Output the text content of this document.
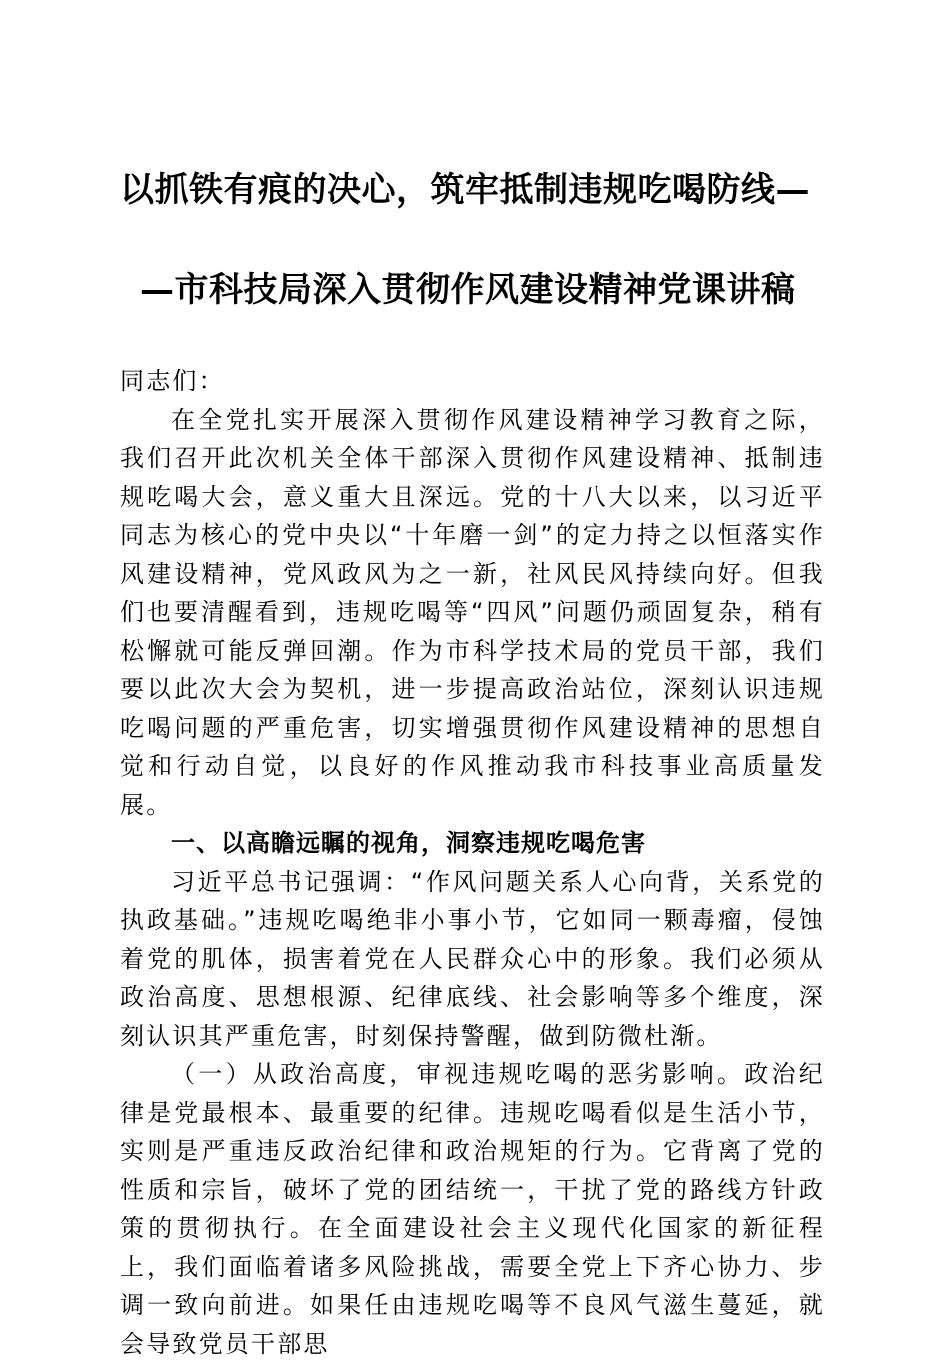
以抓铁有痕的决心，筑牢抵制违规吃喝防线—
—市科技局深入贯彻作风建设精神党课讲稿

同志们：

在全党扎实开展深入贯彻作风建设精神学习教育之际，我们召开此次机关全体干部深入贯彻作风建设精神、抵制违规吃喝大会，意义重大且深远。党的十八大以来，以习近平同志为核心的党中央以“十年磨一剑”的定力持之以恒落实作风建设精神，党风政风为之一新，社风民风持续向好。但我们也要清醒看到，违规吃喝等“四风”问题仍顽固复杂，稍有松懈就可能反弹回潮。作为市科学技术局的党员干部，我们要以此次大会为契机，进一步提高政治站位，深刻认识违规吃喝问题的严重危害，切实增强贯彻作风建设精神的思想自觉和行动自觉，以良好的作风推动我市科技事业高质量发展。

一、以高瞻远瞩的视角，洞察违规吃喝危害

习近平总书记强调：“作风问题关系人心向背，关系党的执政基础。”违规吃喝绝非小事小节，它如同一颗毒瘤，侵蚀着党的肌体，损害着党在人民群众心中的形象。我们必须从政治高度、思想根源、纪律底线、社会影响等多个维度，深刻认识其严重危害，时刻保持警醒，做到防微杜渐。

（一）从政治高度，审视违规吃喝的恶劣影响。政治纪律是党最根本、最重要的纪律。违规吃喝看似是生活小节，实则是严重违反政治纪律和政治规矩的行为。它背离了党的性质和宗旨，破坏了党的团结统一，干扰了党的路线方针政策的贯彻执行。在全面建设社会主义现代化国家的新征程上，我们面临着诸多风险挑战，需要全党上下齐心协力、步调一致向前进。如果任由违规吃喝等不良风气滋生蔓延，就会导致党员干部思
